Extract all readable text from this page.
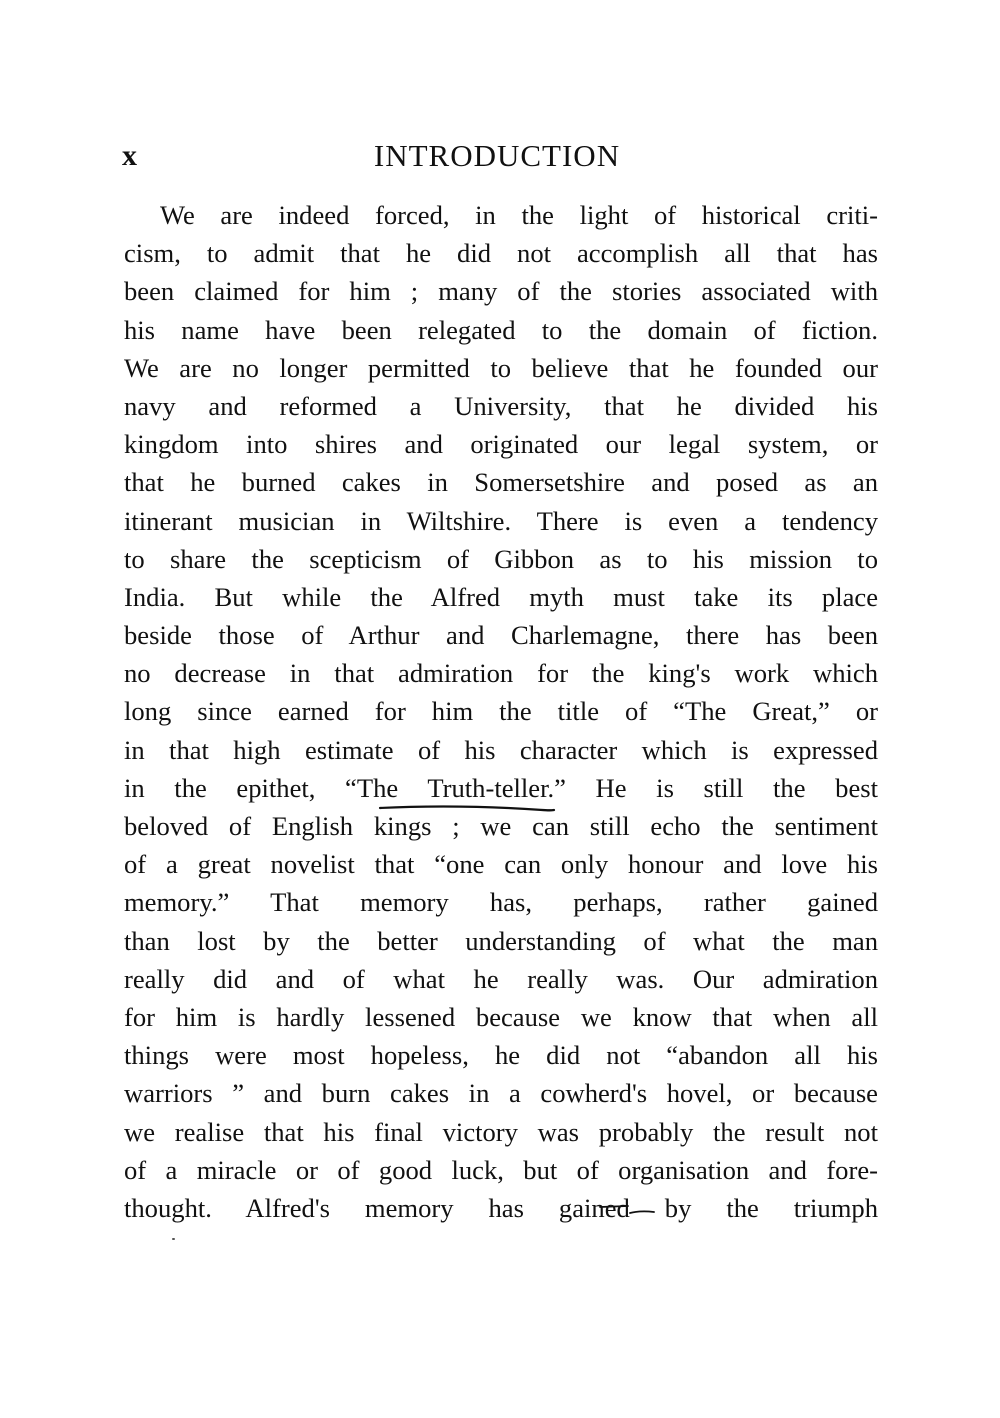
x	INTRODUCTION
We are indeed forced, in the light of historical criti-
cism, to admit that he did not accomplish all that has
been claimed for him ; many of the stories associated with
his name have been relegated to the domain of fiction.
We are no longer permitted to believe that he founded our
navy and reformed a University, that he divided his
kingdom into shires and originated our legal system, or
that he burned cakes in Somersetshire and posed as an
itinerant musician in Wiltshire. There is even a tendency
to share the scepticism of Gibbon as to his mission to
India. But while the Alfred myth must take its place
beside those of Arthur and Charlemagne, there has been
no decrease in that admiration for the king's work which
long since earned for him the title of “The Great,” or
in that high estimate of his character which is expressed
in the epithet, “The Truth-teller.” He is still the best
beloved of English kings ; we can still echo the sentiment
of a great novelist that “one can only honour and love his
memory.” That memory has, perhaps, rather gained
than lost by the better understanding of what the man
really did and of what he really was. Our admiration
for him is hardly lessened because we know that when all
things were most hopeless, he did not “abandon all his
warriors ” and burn cakes in a cowherd's hovel, or because
we realise that his final victory was probably the result not
of a miracle or of good luck, but of organisation and fore-
thought. Alfred's memory has gained by the triumph
